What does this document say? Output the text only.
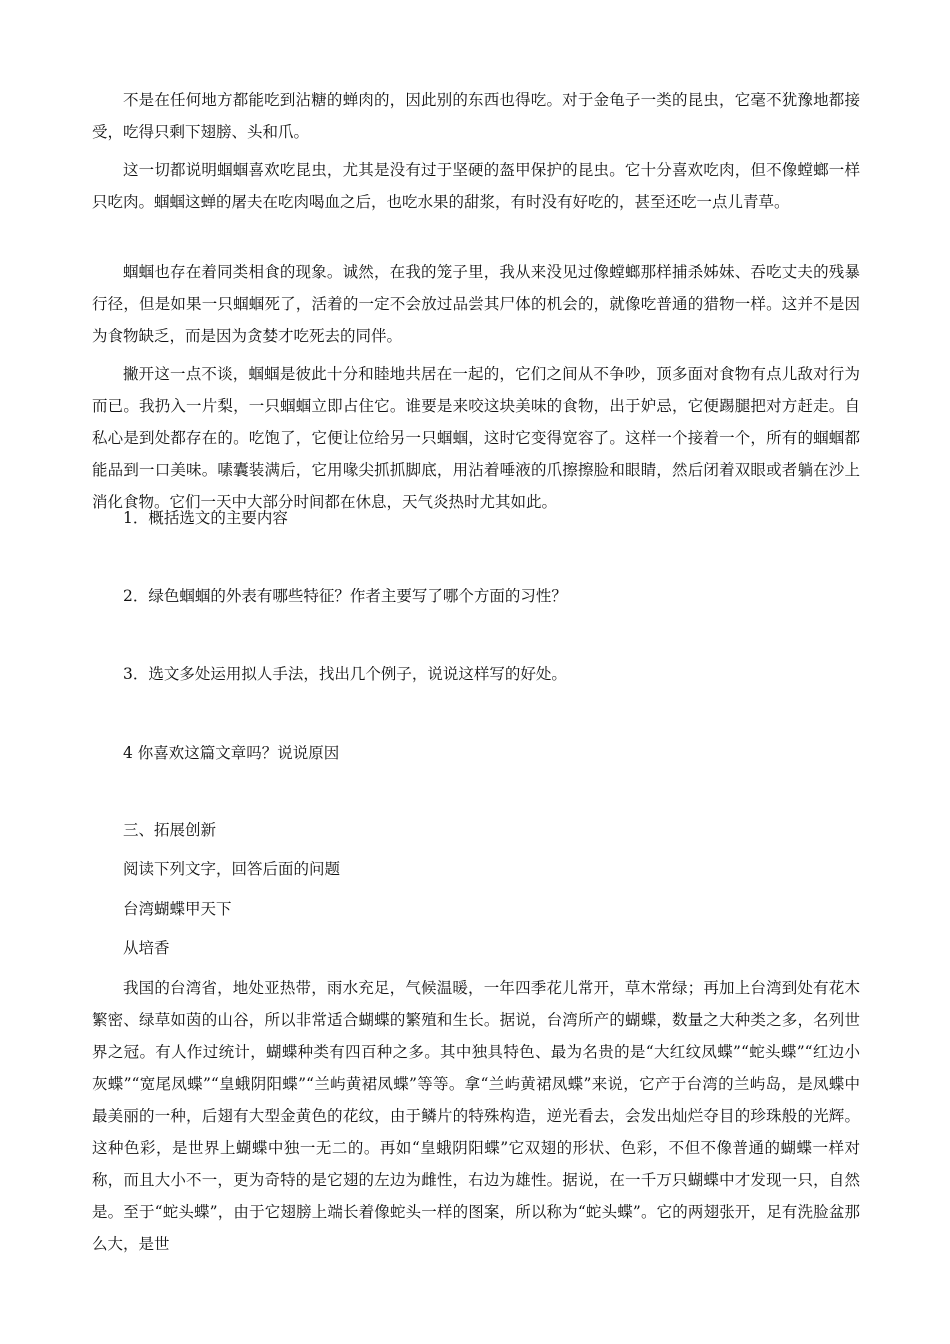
不是在任何地方都能吃到沾糖的蝉肉的，因此别的东西也得吃。对于金龟子一类的昆虫，它毫不犹豫地都接受，吃得只剩下翅膀、头和爪。

这一切都说明蝈蝈喜欢吃昆虫，尤其是没有过于坚硬的盔甲保护的昆虫。它十分喜欢吃肉，但不像螳螂一样只吃肉。蝈蝈这蝉的屠夫在吃肉喝血之后，也吃水果的甜浆，有时没有好吃的，甚至还吃一点儿青草。

蝈蝈也存在着同类相食的现象。诚然，在我的笼子里，我从来没见过像螳螂那样捕杀姊妹、吞吃丈夫的残暴行径，但是如果一只蝈蝈死了，活着的一定不会放过品尝其尸体的机会的，就像吃普通的猎物一样。这并不是因为食物缺乏，而是因为贪婪才吃死去的同伴。

撇开这一点不谈，蝈蝈是彼此十分和睦地共居在一起的，它们之间从不争吵，顶多面对食物有点儿敌对行为而已。我扔入一片梨，一只蝈蝈立即占住它。谁要是来咬这块美味的食物，出于妒忌，它便踢腿把对方赶走。自私心是到处都存在的。吃饱了，它便让位给另一只蝈蝈，这时它变得宽容了。这样一个接着一个，所有的蝈蝈都能品到一口美味。嗉囊装满后，它用喙尖抓抓脚底，用沾着唾液的爪擦擦脸和眼睛，然后闭着双眼或者躺在沙上消化食物。它们一天中大部分时间都在休息，天气炎热时尤其如此。

1．概括选文的主要内容

2．绿色蝈蝈的外表有哪些特征？作者主要写了哪个方面的习性？

3．选文多处运用拟人手法，找出几个例子，说说这样写的好处。

4 你喜欢这篇文章吗？说说原因

三、拓展创新

阅读下列文字，回答后面的问题

台湾蝴蝶甲天下

从培香

我国的台湾省，地处亚热带，雨水充足，气候温暖，一年四季花儿常开，草木常绿；再加上台湾到处有花木繁密、绿草如茵的山谷，所以非常适合蝴蝶的繁殖和生长。据说，台湾所产的蝴蝶，数量之大种类之多，名列世界之冠。有人作过统计，蝴蝶种类有四百种之多。其中独具特色、最为名贵的是“大红纹凤蝶”“蛇头蝶”“红边小灰蝶”“宽尾凤蝶”“皇蛾阴阳蝶”“兰屿黄裙凤蝶”等等。拿“兰屿黄裙凤蝶”来说，它产于台湾的兰屿岛，是凤蝶中最美丽的一种，后翅有大型金黄色的花纹，由于鳞片的特殊构造，逆光看去，会发出灿烂夺目的珍珠般的光辉。这种色彩，是世界上蝴蝶中独一无二的。再如“皇蛾阴阳蝶”它双翅的形状、色彩，不但不像普通的蝴蝶一样对称，而且大小不一，更为奇特的是它翅的左边为雌性，右边为雄性。据说，在一千万只蝴蝶中才发现一只，自然是。至于“蛇头蝶”，由于它翅膀上端长着像蛇头一样的图案，所以称为“蛇头蝶”。它的两翅张开，足有洗脸盆那么大，是世
